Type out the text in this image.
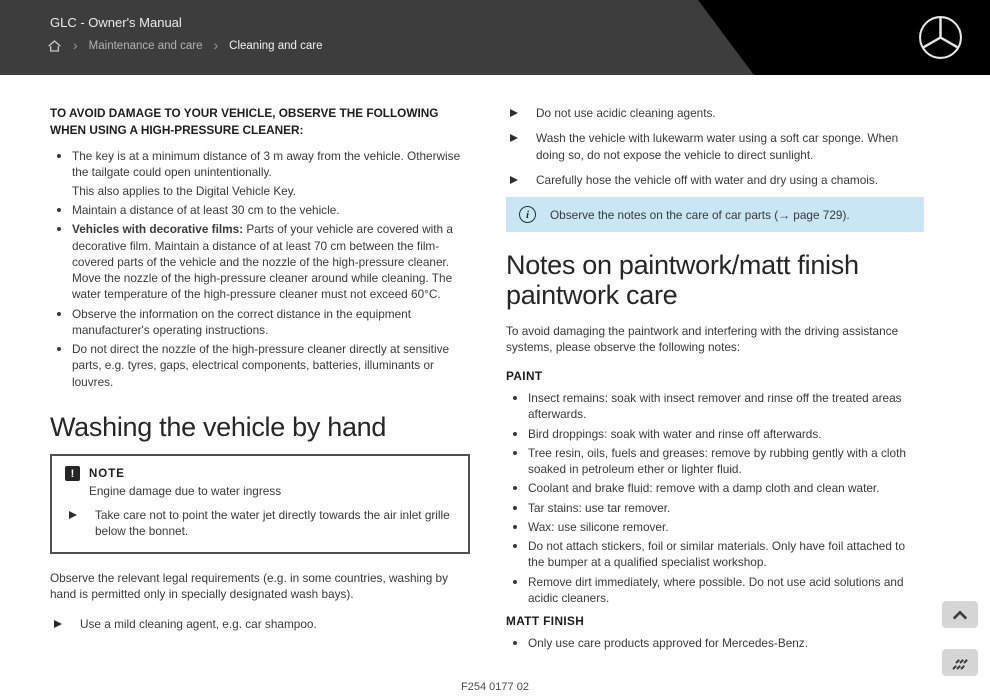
GLC - Owner's Manual
› Maintenance and care › Cleaning and care
TO AVOID DAMAGE TO YOUR VEHICLE, OBSERVE THE FOLLOWING WHEN USING A HIGH-PRESSURE CLEANER:
The key is at a minimum distance of 3 m away from the vehicle. Otherwise the tailgate could open unintentionally.
This also applies to the Digital Vehicle Key.
Maintain a distance of at least 30 cm to the vehicle.
Vehicles with decorative films: Parts of your vehicle are covered with a decorative film. Maintain a distance of at least 70 cm between the film-covered parts of the vehicle and the nozzle of the high-pressure cleaner. Move the nozzle of the high-pressure cleaner around while cleaning. The water temperature of the high-pressure cleaner must not exceed 60°C.
Observe the information on the correct distance in the equipment manufacturer's operating instructions.
Do not direct the nozzle of the high-pressure cleaner directly at sensitive parts, e.g. tyres, gaps, electrical components, batteries, illuminants or louvres.
Washing the vehicle by hand
!	NOTE
Engine damage due to water ingress
Take care not to point the water jet directly towards the air inlet grille below the bonnet.

Observe the relevant legal requirements (e.g. in some countries, washing by hand is permitted only in specially designated wash bays).

Use a mild cleaning agent, e.g. car shampoo.
Do not use acidic cleaning agents.
Wash the vehicle with lukewarm water using a soft car sponge. When doing so, do not expose the vehicle to direct sunlight.
Carefully hose the vehicle off with water and dry using a chamois.
i	Observe the notes on the care of car parts (→ page 729).
Notes on paintwork/matt finish paintwork care

To avoid damaging the paintwork and interfering with the driving assistance systems, please observe the following notes:

PAINT
Insect remains: soak with insect remover and rinse off the treated areas afterwards.
Bird droppings: soak with water and rinse off afterwards.
Tree resin, oils, fuels and greases: remove by rubbing gently with a cloth soaked in petroleum ether or lighter fluid.
Coolant and brake fluid: remove with a damp cloth and clean water.
Tar stains: use tar remover.
Wax: use silicone remover.
Do not attach stickers, foil or similar materials. Only have foil attached to the bumper at a qualified specialist workshop.
Remove dirt immediately, where possible. Do not use acid solutions and acidic cleaners.
MATT FINISH
Only use care products approved for Mercedes-Benz.
F254 0177 02
